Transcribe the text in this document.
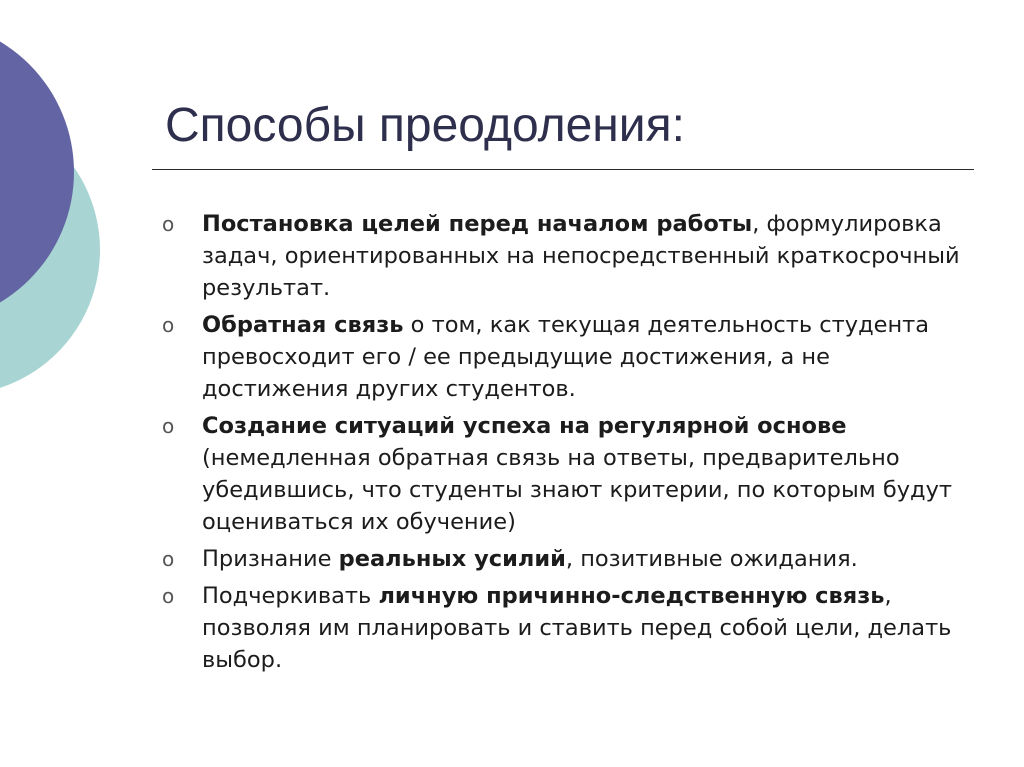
Способы преодоления:
o Постановка целей перед началом работы, формулировка задач, ориентированных на непосредственный краткосрочный результат.
o Обратная связь о том, как текущая деятельность студента превосходит его / ее предыдущие достижения, а не достижения других студентов.
o Создание ситуаций успеха на регулярной основе (немедленная обратная связь на ответы, предварительно убедившись, что студенты знают критерии, по которым будут оцениваться их обучение)
o Признание реальных усилий, позитивные ожидания.
o Подчеркивать личную причинно-следственную связь, позволяя им планировать и ставить перед собой цели, делать выбор.
